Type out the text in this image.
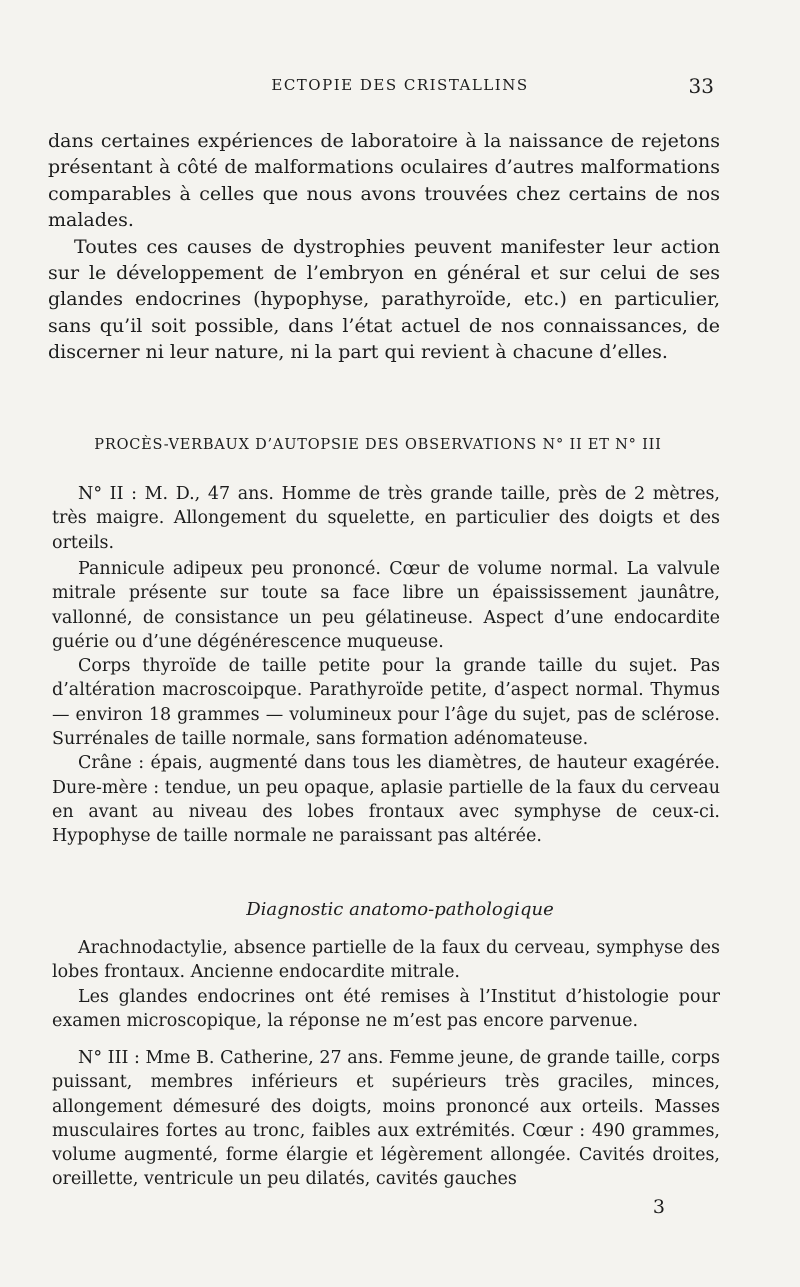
ECTOPIE DES CRISTALLINS	33

dans certaines expériences de laboratoire à la naissance de rejetons présentant à côté de malformations oculaires d’autres malformations comparables à celles que nous avons trouvées chez certains de nos malades.

Toutes ces causes de dystrophies peuvent manifester leur action sur le développement de l’embryon en général et sur celui de ses glandes endocrines (hypophyse, parathyroïde, etc.) en particulier, sans qu’il soit possible, dans l’état actuel de nos connaissances, de discerner ni leur nature, ni la part qui revient à chacune d’elles.

PROCÈS-VERBAUX D’AUTOPSIE DES OBSERVATIONS N° II ET N° III

N° II : M. D., 47 ans. Homme de très grande taille, près de 2 mètres, très maigre. Allongement du squelette, en particulier des doigts et des orteils.

Pannicule adipeux peu prononcé. Cœur de volume normal. La valvule mitrale présente sur toute sa face libre un épaississement jaunâtre, vallonné, de consistance un peu gélatineuse. Aspect d’une endocardite guérie ou d’une dégénérescence muqueuse.

Corps thyroïde de taille petite pour la grande taille du sujet. Pas d’altération macroscoipque. Parathyroïde petite, d’aspect normal. Thymus — environ 18 grammes — volumineux pour l’âge du sujet, pas de sclérose. Surrénales de taille normale, sans formation adénomateuse.

Crâne : épais, augmenté dans tous les diamètres, de hauteur exagérée. Dure-mère : tendue, un peu opaque, aplasie partielle de la faux du cerveau en avant au niveau des lobes frontaux avec symphyse de ceux-ci. Hypophyse de taille normale ne paraissant pas altérée.

Diagnostic anatomo-pathologique

Arachnodactylie, absence partielle de la faux du cerveau, symphyse des lobes frontaux. Ancienne endocardite mitrale.

Les glandes endocrines ont été remises à l’Institut d’histologie pour examen microscopique, la réponse ne m’est pas encore parvenue.

N° III : Mme B. Catherine, 27 ans. Femme jeune, de grande taille, corps puissant, membres inférieurs et supérieurs très graciles, minces, allongement démesuré des doigts, moins prononcé aux orteils. Masses musculaires fortes au tronc, faibles aux extrémités. Cœur : 490 grammes, volume augmenté, forme élargie et légèrement allongée. Cavités droites, oreillette, ventricule un peu dilatés, cavités gauches

3
